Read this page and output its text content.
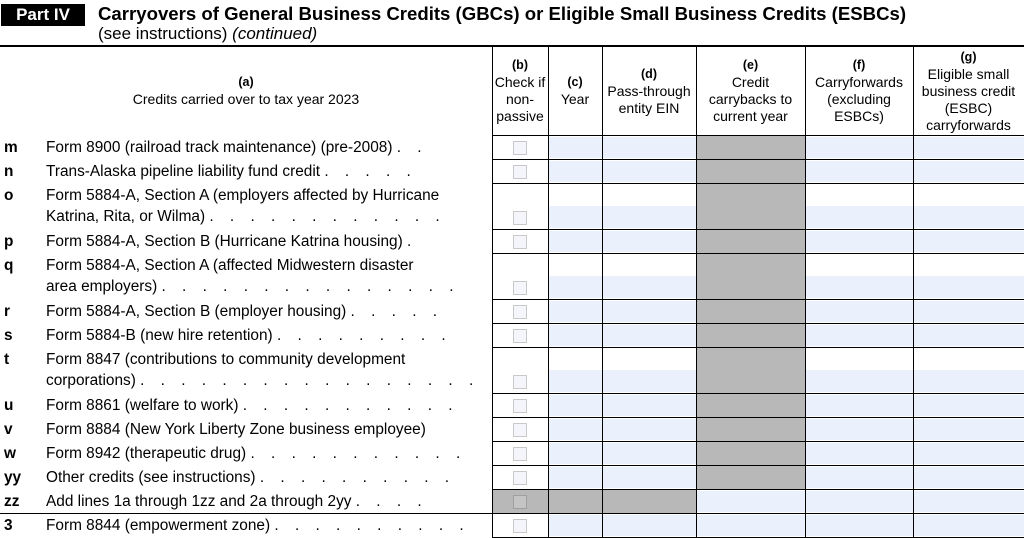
Part IV	Carryovers of General Business Credits (GBCs) or Eligible Small Business Credits (ESBCs)
(see instructions) (continued)
(a)
Credits carried over to tax year 2023
(b)
Check if
non-
passive
(c)
Year
(d)
Pass-through
entity EIN
(e)
Credit
carrybacks to
current year
(f)
Carryforwards
(excluding
ESBCs)
(g)
Eligible small
business credit
(ESBC)
carryforwards
m Form 8900 (railroad track maintenance) (pre-2008) . .
n	Trans-Alaska pipeline liability fund credit . . . . .
o	Form 5884-A, Section A (employers affected by Hurricane
Katrina, Rita, or Wilma) . . . . . . . . . . . .
p	Form 5884-A, Section B (Hurricane Katrina housing) .
q	Form 5884-A, Section A (affected Midwestern disaster
area employers) . . . . . . . . . . . . . . .
r	Form 5884-A, Section B (employer housing) . . . . .
s	Form 5884-B (new hire retention) . . . . . . . . .
t	Form 8847 (contributions to community development
corporations) . . . . . . . . . . . . . . . . .
u	Form 8861 (welfare to work) . . . . . . . . . . .
v	Form 8884 (New York Liberty Zone business employee)
w	Form 8942 (therapeutic drug) . . . . . . . . . . .
yy Other credits (see instructions) . . . . . . . . . .
zz Add lines 1a through 1zz and 2a through 2yy . . . .
3	Form 8844 (empowerment zone) . . . . . . . . . .
